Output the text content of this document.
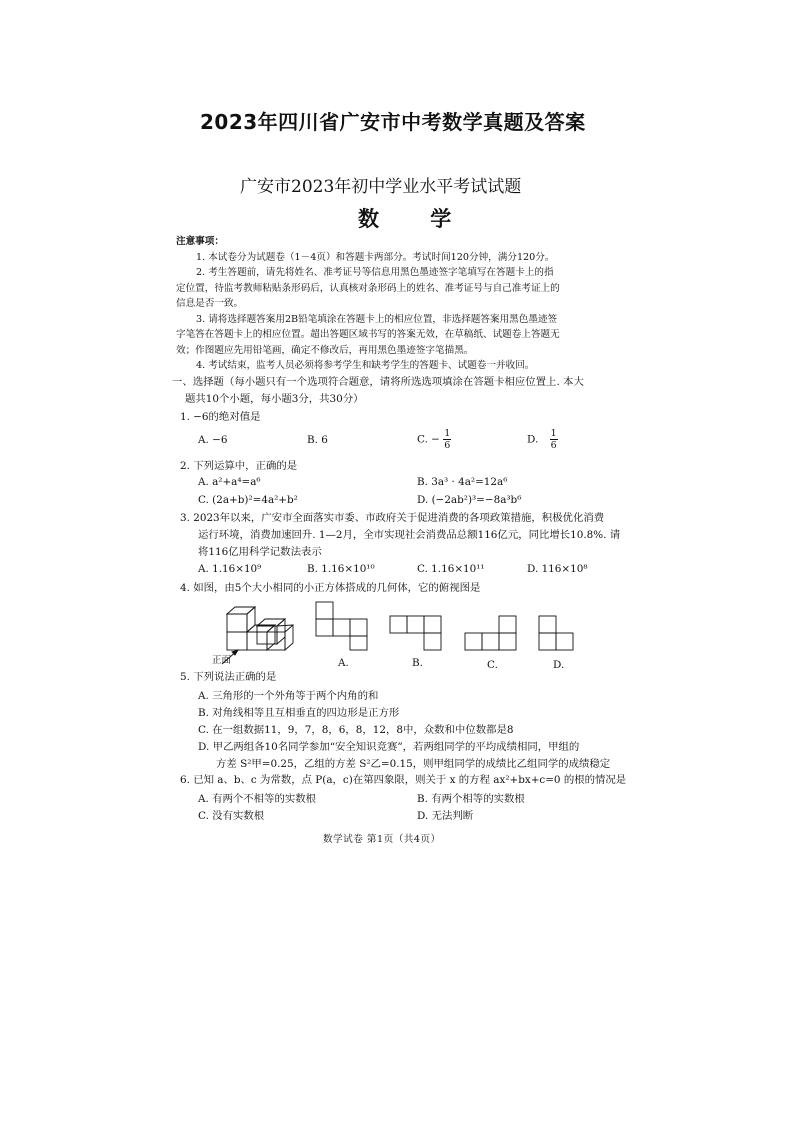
2023年四川省广安市中考数学真题及答案
广安市2023年初中学业水平考试试题
数 学
注意事项：
1. 本试卷分为试题卷（1－4页）和答题卡两部分。考试时间120分钟，满分120分。
2. 考生答题前，请先将姓名、准考证号等信息用黑色墨迹签字笔填写在答题卡上的指
定位置，待监考教师粘贴条形码后，认真核对条形码上的姓名、准考证号与自己准考证上的
信息是否一致。
3. 请将选择题答案用2B铅笔填涂在答题卡上的相应位置，非选择题答案用黑色墨迹签
字笔答在答题卡上的相应位置。超出答题区域书写的答案无效，在草稿纸、试题卷上答题无
效；作图题应先用铅笔画，确定不修改后，再用黑色墨迹签字笔描黑。
4. 考试结束，监考人员必须将参考学生和缺考学生的答题卡、试题卷一并收回。
一、选择题（每小题只有一个选项符合题意，请将所选选项填涂在答题卡相应位置上. 本大
题共10个小题，每小题3分，共30分）
1. −6的绝对值是
A. −6	B. 6	C. − $\frac{1}{6}$	D. $\frac{1}{6}$
2. 下列运算中，正确的是
A. a²+a⁴=a⁶	B. 3a³ · 4a²=12a⁶
C. (2a+b)²=4a²+b²	D. (−2ab²)³=−8a³b⁶
3. 2023年以来，广安市全面落实市委、市政府关于促进消费的各项政策措施，积极优化消费
运行环境，消费加速回升. 1—2月，全市实现社会消费品总额116亿元，同比增长10.8%. 请
将116亿用科学记数法表示
A. 1.16×10⁹	B. 1.16×10¹⁰	C. 1.16×10¹¹	D. 116×10⁸
4. 如图，由5个大小相同的小正方体搭成的几何体，它的俯视图是
正面	A.	B.	C.	D.
5. 下列说法正确的是
A. 三角形的一个外角等于两个内角的和
B. 对角线相等且互相垂直的四边形是正方形
C. 在一组数据11，9，7，8，6，8，12，8中，众数和中位数都是8
D. 甲乙两组各10名同学参加“安全知识竞赛”，若两组同学的平均成绩相同，甲组的
方差 S²甲=0.25，乙组的方差 S²乙=0.15，则甲组同学的成绩比乙组同学的成绩稳定
6. 已知 a、b、c 为常数，点 P(a，c)在第四象限，则关于 x 的方程 ax²+bx+c=0 的根的情况是
A. 有两个不相等的实数根	B. 有两个相等的实数根
C. 没有实数根	D. 无法判断
数学试卷 第1页（共4页）
